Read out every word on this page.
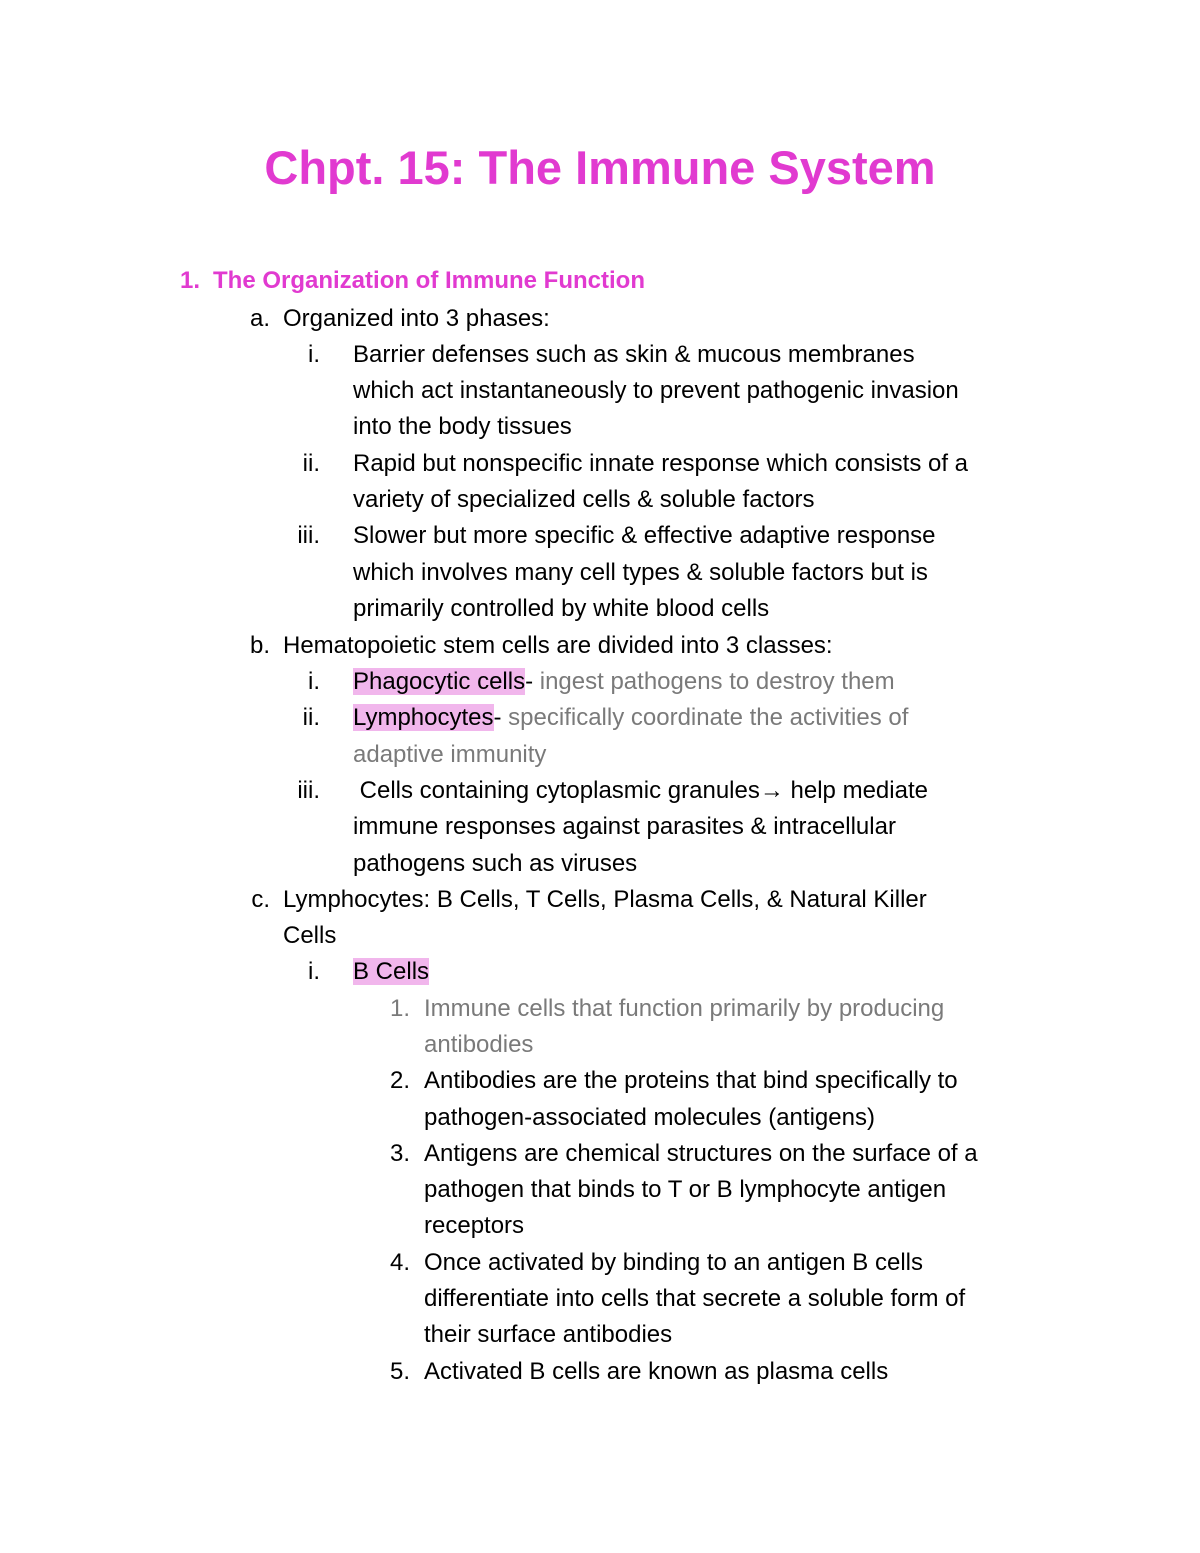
Chpt. 15: The Immune System
1. The Organization of Immune Function
a. Organized into 3 phases:
i. Barrier defenses such as skin & mucous membranes
which act instantaneously to prevent pathogenic invasion
into the body tissues
ii. Rapid but nonspecific innate response which consists of a
variety of specialized cells & soluble factors
iii. Slower but more specific & effective adaptive response
which involves many cell types & soluble factors but is
primarily controlled by white blood cells
b. Hematopoietic stem cells are divided into 3 classes:
i. Phagocytic cells- ingest pathogens to destroy them
ii. Lymphocytes- specifically coordinate the activities of
adaptive immunity
iii. Cells containing cytoplasmic granules→ help mediate
immune responses against parasites & intracellular
pathogens such as viruses
c. Lymphocytes: B Cells, T Cells, Plasma Cells, & Natural Killer
Cells
i. B Cells
1. Immune cells that function primarily by producing
antibodies
2. Antibodies are the proteins that bind specifically to
pathogen-associated molecules (antigens)
3. Antigens are chemical structures on the surface of a
pathogen that binds to T or B lymphocyte antigen
receptors
4. Once activated by binding to an antigen B cells
differentiate into cells that secrete a soluble form of
their surface antibodies
5. Activated B cells are known as plasma cells
